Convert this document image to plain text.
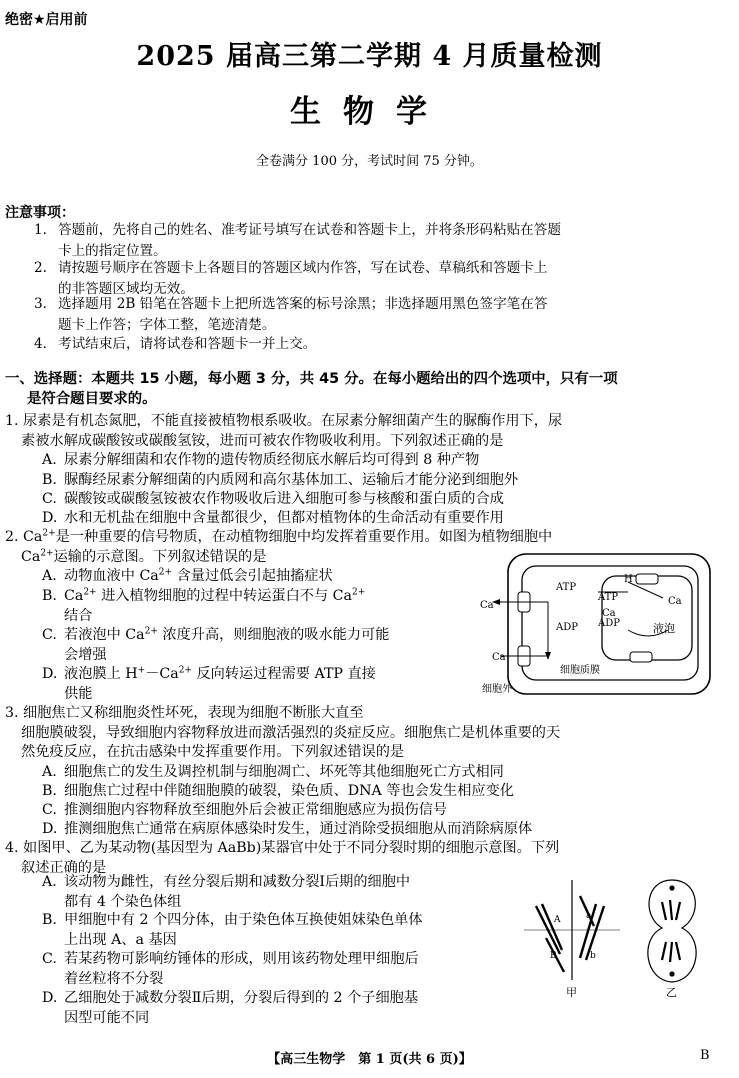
绝密★启用前
2025 届高三第二学期 4 月质量检测
生物学
全卷满分 100 分，考试时间 75 分钟。
注意事项：
1. 答题前，先将自己的姓名、准考证号填写在试卷和答题卡上，并将条形码粘贴在答题
卡上的指定位置。
2. 请按题号顺序在答题卡上各题目的答题区域内作答，写在试卷、草稿纸和答题卡上
的非答题区域均无效。
3. 选择题用 2B 铅笔在答题卡上把所选答案的标号涂黑；非选择题用黑色签字笔在答
题卡上作答；字体工整，笔迹清楚。
4. 考试结束后，请将试卷和答题卡一并上交。
一、选择题：本题共 15 小题，每小题 3 分，共 45 分。在每小题给出的四个选项中，只有一项
是符合题目要求的。
1. 尿素是有机态氮肥，不能直接被植物根系吸收。在尿素分解细菌产生的脲酶作用下，尿
素被水解成碳酸铵或碳酸氢铵，进而可被农作物吸收利用。下列叙述正确的是
A. 尿素分解细菌和农作物的遗传物质经彻底水解后均可得到 8 种产物
B. 脲酶经尿素分解细菌的内质网和高尔基体加工、运输后才能分泌到细胞外
C. 碳酸铵或碳酸氢铵被农作物吸收后进入细胞可参与核酸和蛋白质的合成
D. 水和无机盐在细胞中含量都很少，但都对植物体的生命活动有重要作用
2. $Ca^{2+}$是一种重要的信号物质，在动植物细胞中均发挥着重要作用。如图为植物细胞中
$Ca^{2+}$运输的示意图。下列叙述错误的是
A. 动物血液中 $Ca^{2+}$ 含量过低会引起抽搐症状
B. $Ca^{2+}$ 进入植物细胞的过程中转运蛋白不与 $Ca^{2+}$
结合
C. 若液泡中 $Ca^{2+}$ 浓度升高，则细胞液的吸水能力可能
会增强
D. 液泡膜上 $H^+-Ca^{2+}$ 反向转运过程需要 ATP 直接
供能
ATP
ADP
ATP
ADP
Ca
Ca
Ca
Ca
H
液泡
细胞质膜
细胞外
3. 细胞焦亡又称细胞炎性坏死，表现为细胞不断胀大直至
细胞膜破裂，导致细胞内容物释放进而激活强烈的炎症反应。细胞焦亡是机体重要的天
然免疫反应，在抗击感染中发挥重要作用。下列叙述错误的是
A. 细胞焦亡的发生及调控机制与细胞凋亡、坏死等其他细胞死亡方式相同
B. 细胞焦亡过程中伴随细胞膜的破裂，染色质、DNA 等也会发生相应变化
C. 推测细胞内容物释放至细胞外后会被正常细胞感应为损伤信号
D. 推测细胞焦亡通常在病原体感染时发生，通过消除受损细胞从而消除病原体
4. 如图甲、乙为某动物(基因型为 AaBb)某器官中处于不同分裂时期的细胞示意图。下列
叙述正确的是
A. 该动物为雌性，有丝分裂后期和减数分裂Ⅰ后期的细胞中
都有 4 个染色体组
B. 甲细胞中有 2 个四分体，由于染色体互换使姐妹染色单体
上出现 A、a 基因
C. 若某药物可影响纺锤体的形成，则用该药物处理甲细胞后
着丝粒将不分裂
D. 乙细胞处于减数分裂Ⅱ后期，分裂后得到的 2 个子细胞基
因型可能不同
A	a
B	b
甲	乙
【高三生物学　第 1 页(共 6 页)】	B
